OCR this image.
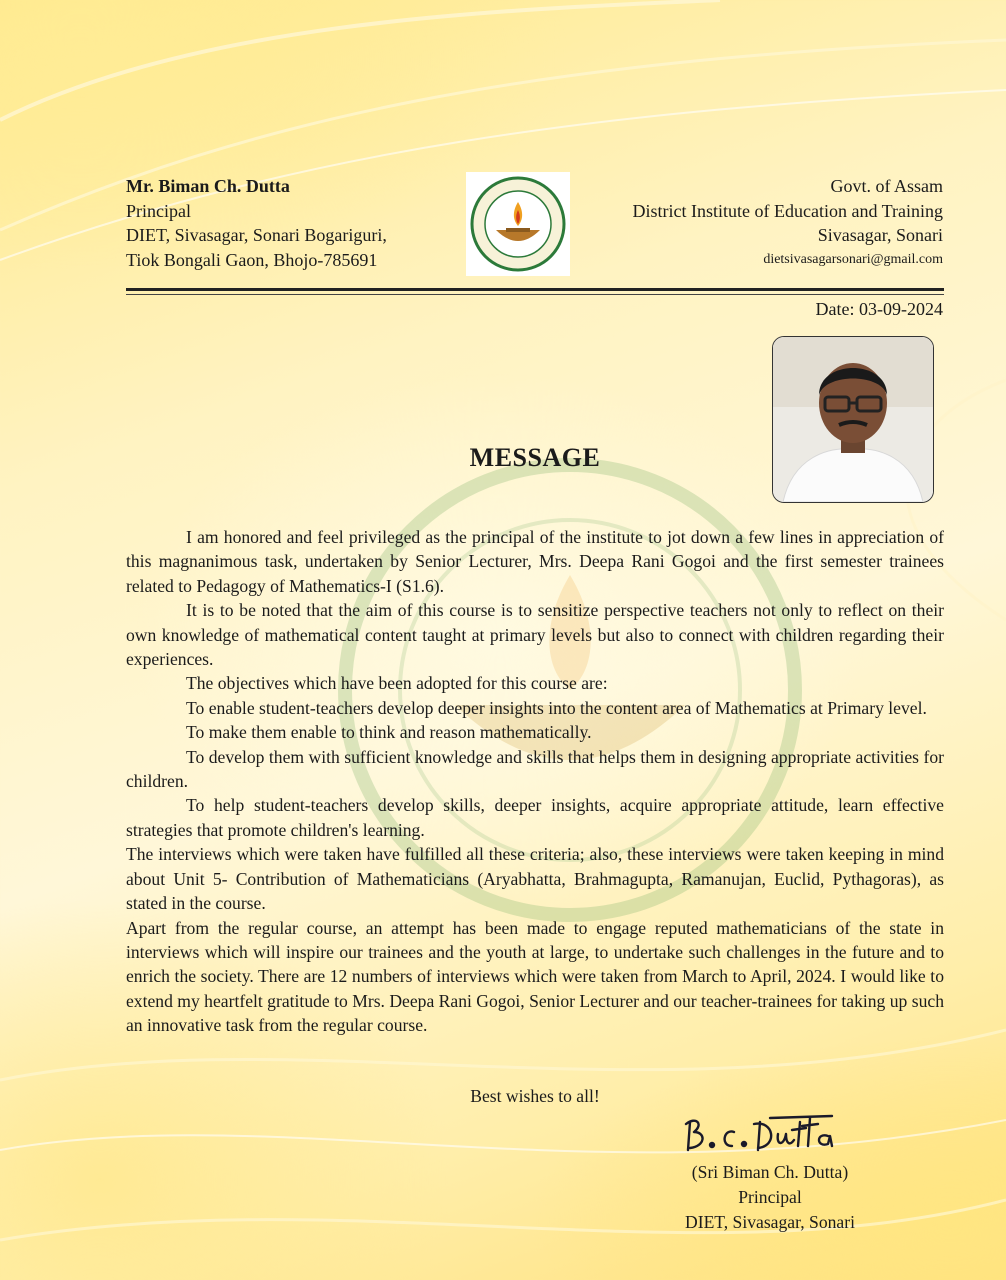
Mr. Biman Ch. Dutta
Principal
DIET, Sivasagar, Sonari Bogariguri,
Tiok Bongali Gaon, Bhojo-785691
Govt. of Assam
District Institute of Education and Training
Sivasagar, Sonari
dietsivasagarsonari@gmail.com
Date: 03-09-2024
MESSAGE

I am honored and feel privileged as the principal of the institute to jot down a few lines in appreciation of this magnanimous task, undertaken by Senior Lecturer, Mrs. Deepa Rani Gogoi and the first semester trainees related to Pedagogy of Mathematics-I (S1.6).

It is to be noted that the aim of this course is to sensitize perspective teachers not only to reflect on their own knowledge of mathematical content taught at primary levels but also to connect with children regarding their experiences.

The objectives which have been adopted for this course are:

To enable student-teachers develop deeper insights into the content area of Mathematics at Primary level.

To make them enable to think and reason mathematically.

To develop them with sufficient knowledge and skills that helps them in designing appropriate activities for children.

To help student-teachers develop skills, deeper insights, acquire appropriate attitude, learn effective strategies that promote children's learning.

The interviews which were taken have fulfilled all these criteria; also, these interviews were taken keeping in mind about Unit 5- Contribution of Mathematicians (Aryabhatta, Brahmagupta, Ramanujan, Euclid, Pythagoras), as stated in the course.

Apart from the regular course, an attempt has been made to engage reputed mathematicians of the state in interviews which will inspire our trainees and the youth at large, to undertake such challenges in the future and to enrich the society. There are 12 numbers of interviews which were taken from March to April, 2024. I would like to extend my heartfelt gratitude to Mrs. Deepa Rani Gogoi, Senior Lecturer and our teacher-trainees for taking up such an innovative task from the regular course.

Best wishes to all!
(Sri Biman Ch. Dutta)
Principal
DIET, Sivasagar, Sonari
